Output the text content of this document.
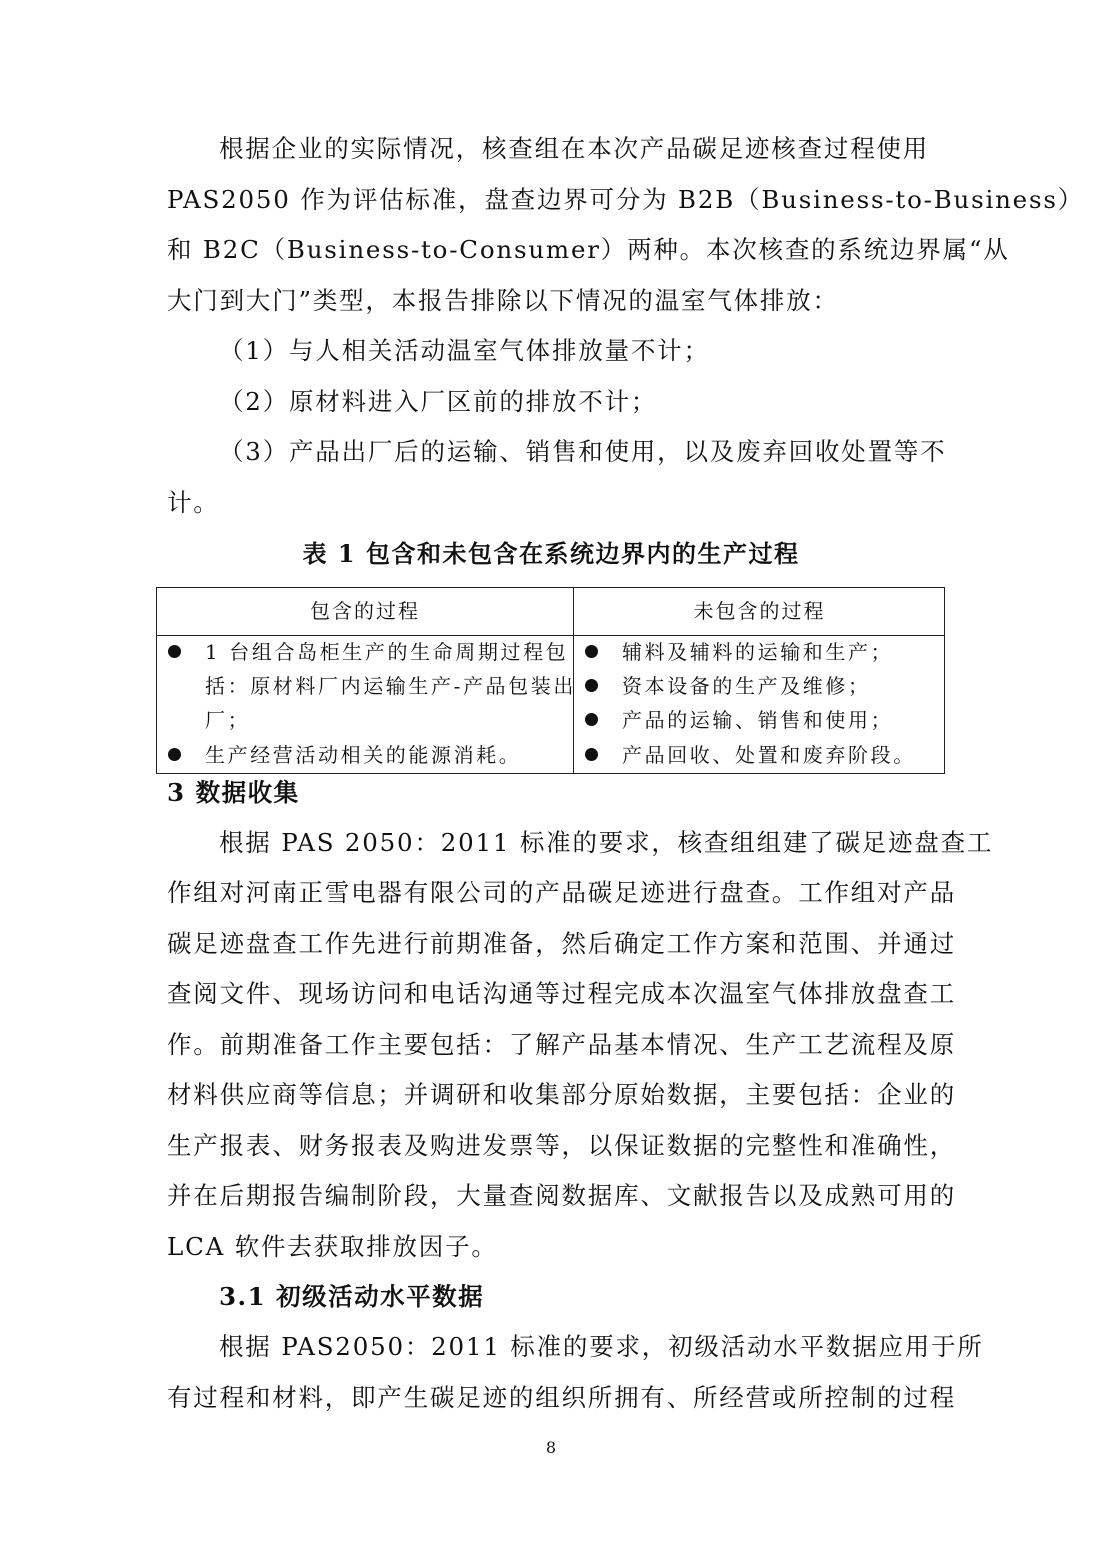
根据企业的实际情况，核查组在本次产品碳足迹核查过程使用
PAS2050 作为评估标准，盘查边界可分为 B2B（Business-to-Business）
和 B2C（Business-to-Consumer）两种。本次核查的系统边界属“从
大门到大门”类型，本报告排除以下情况的温室气体排放：
（1）与人相关活动温室气体排放量不计；
（2）原材料进入厂区前的排放不计；
（3）产品出厂后的运输、销售和使用，以及废弃回收处置等不
计。
表 1 包含和未包含在系统边界内的生产过程
包含的过程	未包含的过程
1 台组合岛柜生产的生命周期过程包
括：原材料厂内运输生产-产品包装出
厂；
生产经营活动相关的能源消耗。
辅料及辅料的运输和生产；
资本设备的生产及维修；
产品的运输、销售和使用；
产品回收、处置和废弃阶段。
3 数据收集
根据 PAS 2050：2011 标准的要求，核查组组建了碳足迹盘查工
作组对河南正雪电器有限公司的产品碳足迹进行盘查。工作组对产品
碳足迹盘查工作先进行前期准备，然后确定工作方案和范围、并通过
查阅文件、现场访问和电话沟通等过程完成本次温室气体排放盘查工
作。前期准备工作主要包括：了解产品基本情况、生产工艺流程及原
材料供应商等信息；并调研和收集部分原始数据，主要包括：企业的
生产报表、财务报表及购进发票等，以保证数据的完整性和准确性，
并在后期报告编制阶段，大量查阅数据库、文献报告以及成熟可用的
LCA 软件去获取排放因子。
3.1 初级活动水平数据
根据 PAS2050：2011 标准的要求，初级活动水平数据应用于所
有过程和材料，即产生碳足迹的组织所拥有、所经营或所控制的过程
8
